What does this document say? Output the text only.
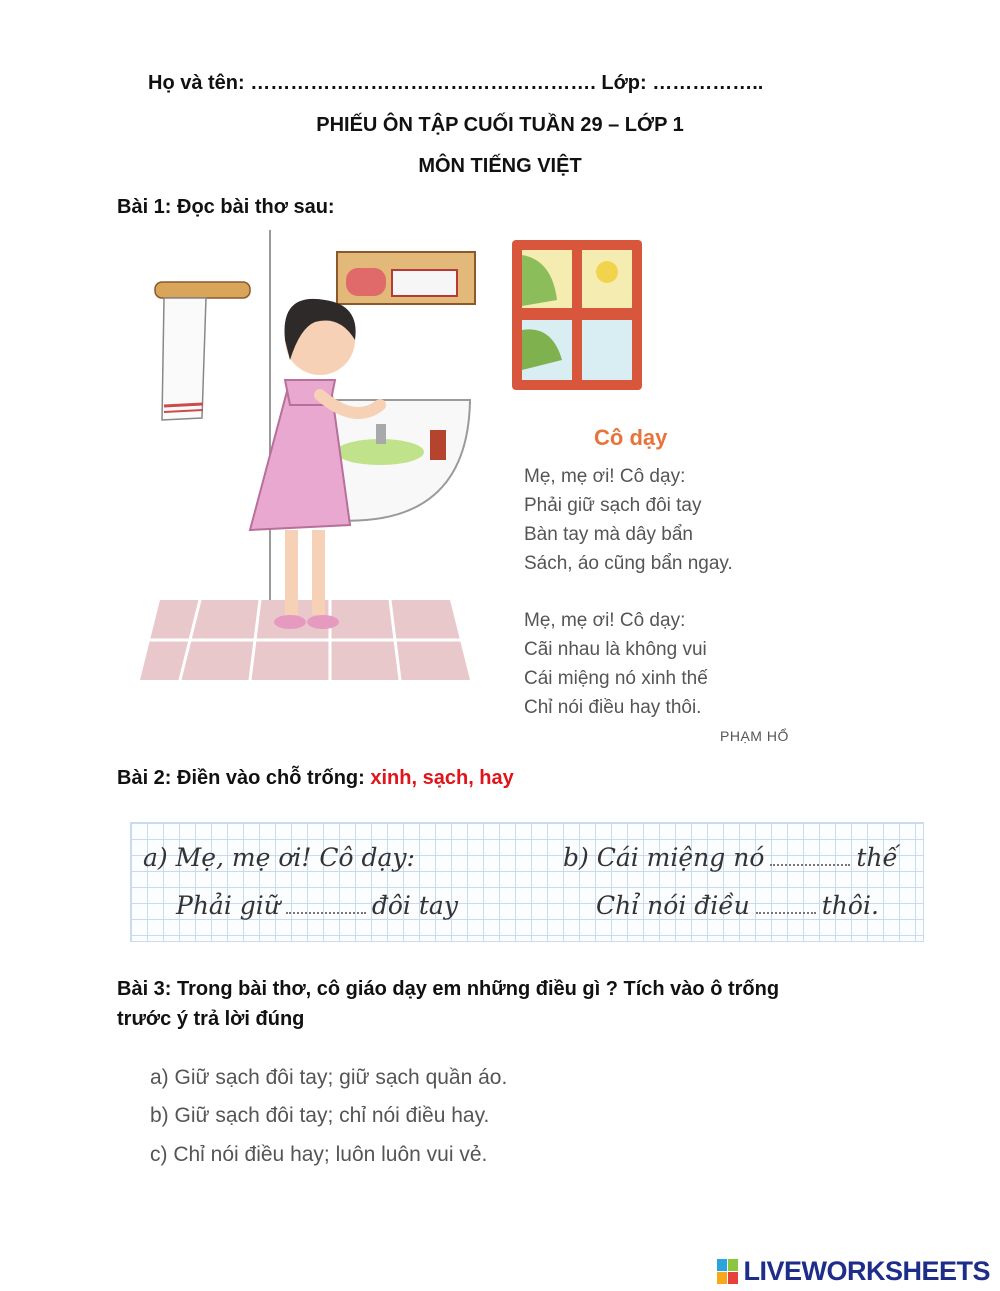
Họ và tên: ……………………………………………. Lớp: ……………..
PHIẾU ÔN TẬP CUỐI TUẦN 29 – LỚP 1
MÔN TIẾNG VIỆT
Bài 1: Đọc bài thơ sau:
Cô dạy
Mẹ, mẹ ơi! Cô dạy:
Phải giữ sạch đôi tay
Bàn tay mà dây bẩn
Sách, áo cũng bẩn ngay.
Mẹ, mẹ ơi! Cô dạy:
Cãi nhau là không vui
Cái miệng nó xinh thế
Chỉ nói điều hay thôi.
PHẠM HỔ
Bài 2: Điền vào chỗ trống: xinh, sạch, hay
a) Mẹ, mẹ ơi! Cô dạy:
Phải giữ	đôi tay
b) Cái miệng nó	thế
Chỉ nói điều	thôi.
Bài 3: Trong bài thơ, cô giáo dạy em những điều gì ? Tích vào ô trống
trước ý trả lời đúng
a) Giữ sạch đôi tay; giữ sạch quần áo.
b) Giữ sạch đôi tay; chỉ nói điều hay.
c) Chỉ nói điều hay; luôn luôn vui vẻ.
LIVEWORKSHEETS
